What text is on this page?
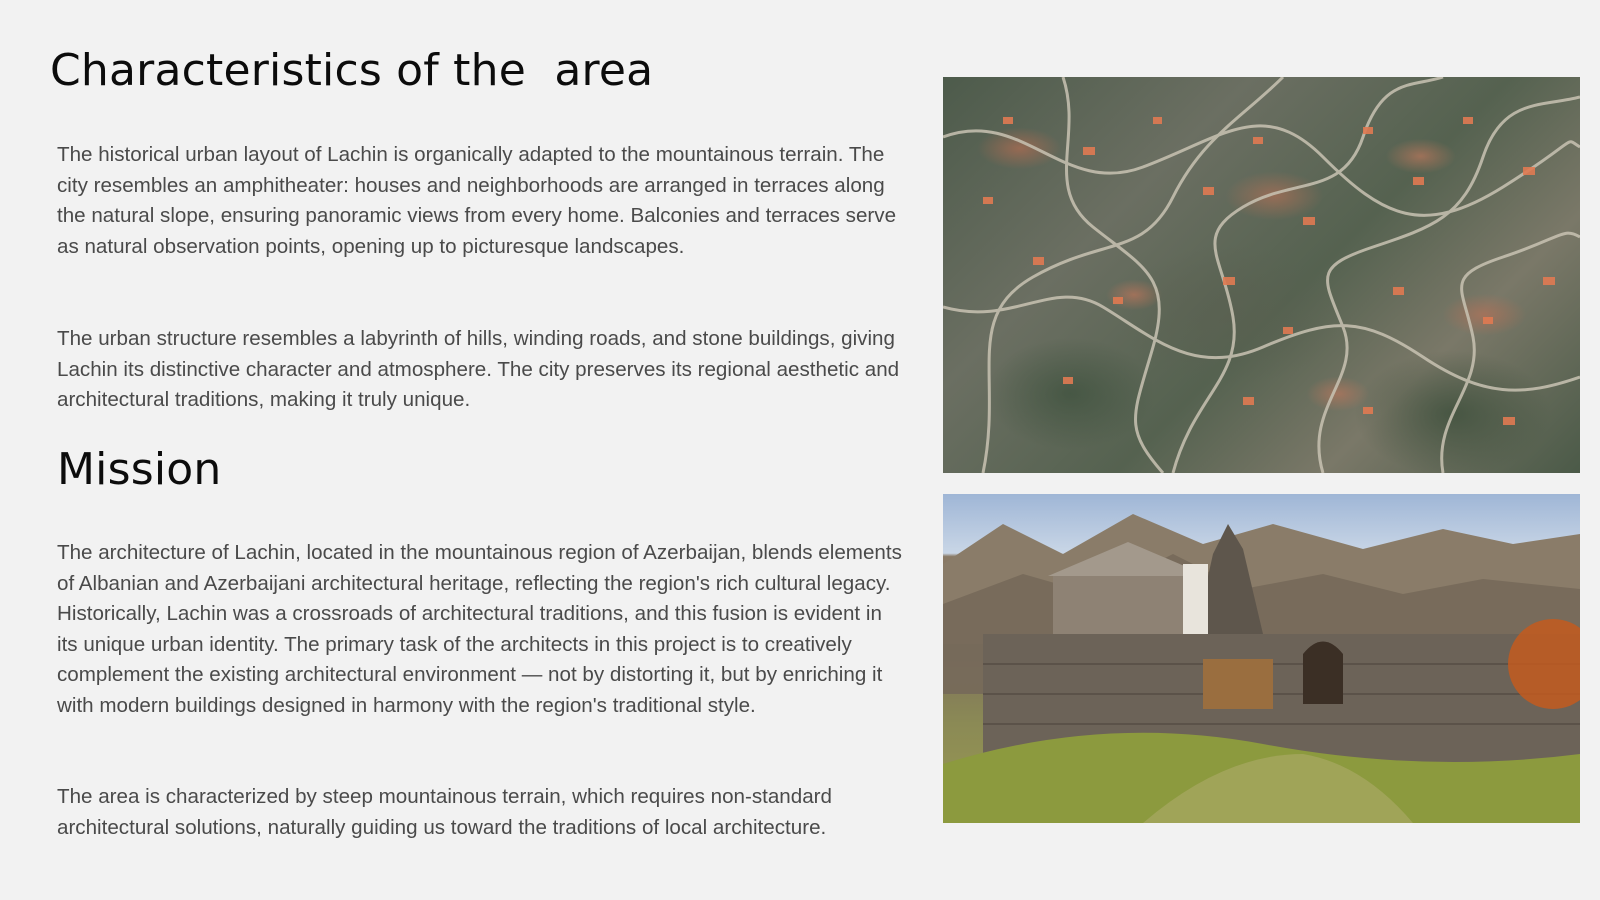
Characteristics of the  area

The historical urban layout of Lachin is organically adapted to the mountainous terrain. The city resembles an amphitheater: houses and neighborhoods are arranged in terraces along the natural slope, ensuring panoramic views from every home. Balconies and terraces serve as natural observation points, opening up to picturesque landscapes.

The urban structure resembles a labyrinth of hills, winding roads, and stone buildings, giving Lachin its distinctive character and atmosphere. The city preserves its regional aesthetic and architectural traditions, making it truly unique.

Mission

The architecture of Lachin, located in the mountainous region of Azerbaijan, blends elements of Albanian and Azerbaijani architectural heritage, reflecting the region's rich cultural legacy. Historically, Lachin was a crossroads of architectural traditions, and this fusion is evident in its unique urban identity. The primary task of the architects in this project is to creatively complement the existing architectural environment — not by distorting it, but by enriching it with modern buildings designed in harmony with the region's traditional style.

The area is characterized by steep mountainous terrain, which requires non-standard architectural solutions, naturally guiding us toward the traditions of local architecture.
